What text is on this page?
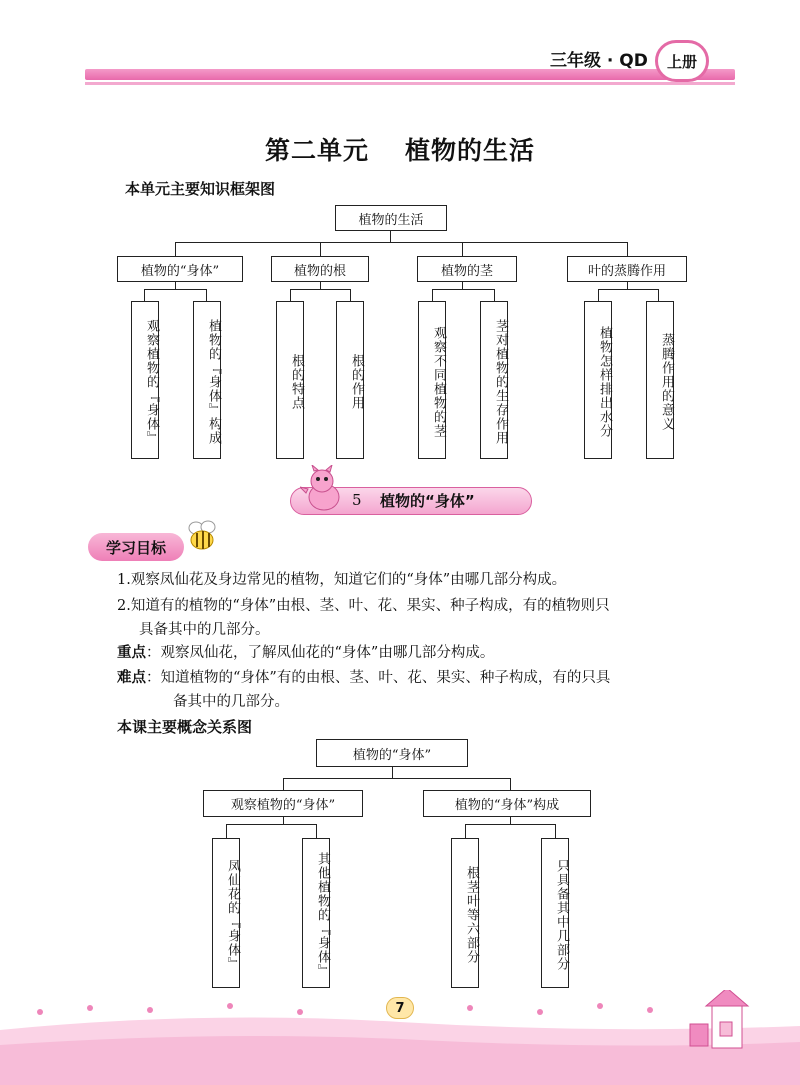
三年级 · QD	上册
第二单元 植物的生活
本单元主要知识框架图
植物的生活
植物的“身体”	植物的根	植物的茎	叶的蒸腾作用
观察植物的『身体』	植物的『身体』构成	根的特点	根的作用	观察不同植物的茎	茎对植物的生存作用	植物怎样排出水分	蒸腾作用的意义
5 植物的“身体”
学习目标
1.观察凤仙花及身边常见的植物，知道它们的“身体”由哪几部分构成。
2.知道有的植物的“身体”由根、茎、叶、花、果实、种子构成，有的植物则只
具备其中的几部分。
重点：观察凤仙花，了解凤仙花的“身体”由哪几部分构成。
难点：知道植物的“身体”有的由根、茎、叶、花、果实、种子构成，有的只具
备其中的几部分。
本课主要概念关系图
植物的“身体”
观察植物的“身体”	植物的“身体”构成
凤仙花的『身体』	其他植物的『身体』	根茎叶等六部分	只具备其中几部分
7
